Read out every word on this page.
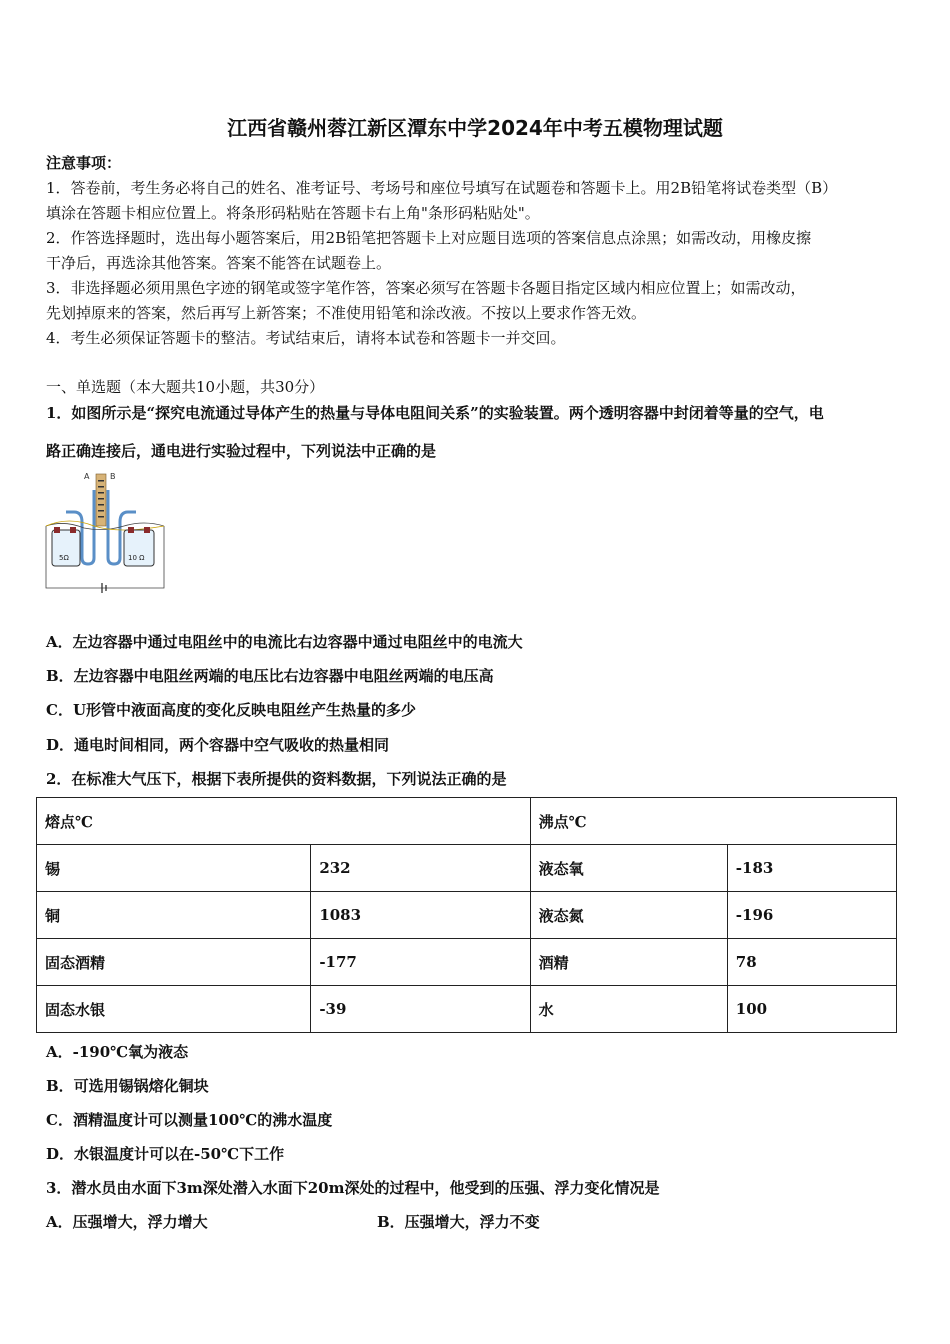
江西省赣州蓉江新区潭东中学2024年中考五模物理试题
注意事项：
1．答卷前，考生务必将自己的姓名、准考证号、考场号和座位号填写在试题卷和答题卡上。用2B铅笔将试卷类型（B）
填涂在答题卡相应位置上。将条形码粘贴在答题卡右上角"条形码粘贴处"。
2．作答选择题时，选出每小题答案后，用2B铅笔把答题卡上对应题目选项的答案信息点涂黑；如需改动，用橡皮擦
干净后，再选涂其他答案。答案不能答在试题卷上。
3．非选择题必须用黑色字迹的钢笔或签字笔作答，答案必须写在答题卡各题目指定区域内相应位置上；如需改动，
先划掉原来的答案，然后再写上新答案；不准使用铅笔和涂改液。不按以上要求作答无效。
4．考生必须保证答题卡的整洁。考试结束后，请将本试卷和答题卡一并交回。
一、单选题（本大题共10小题，共30分）
1．如图所示是“探究电流通过导体产生的热量与导体电阻间关系”的实验装置。两个透明容器中封闭着等量的空气，电
路正确连接后，通电进行实验过程中，下列说法中正确的是
A	B
5Ω	10 Ω
A．左边容器中通过电阻丝中的电流比右边容器中通过电阻丝中的电流大
B．左边容器中电阻丝两端的电压比右边容器中电阻丝两端的电压高
C．U形管中液面高度的变化反映电阻丝产生热量的多少
D．通电时间相同，两个容器中空气吸收的热量相同
2．在标准大气压下，根据下表所提供的资料数据，下列说法正确的是
熔点℃		沸点℃	
锡	232	液态氧	-183
铜	1083	液态氮	-196
固态酒精	-177	酒精	78
固态水银	-39	水	100
A．-190℃氧为液态
B．可选用锡锅熔化铜块
C．酒精温度计可以测量100℃的沸水温度
D．水银温度计可以在-50℃下工作
3．潜水员由水面下3m深处潜入水面下20m深处的过程中，他受到的压强、浮力变化情况是
A．压强增大，浮力增大	B．压强增大，浮力不变
